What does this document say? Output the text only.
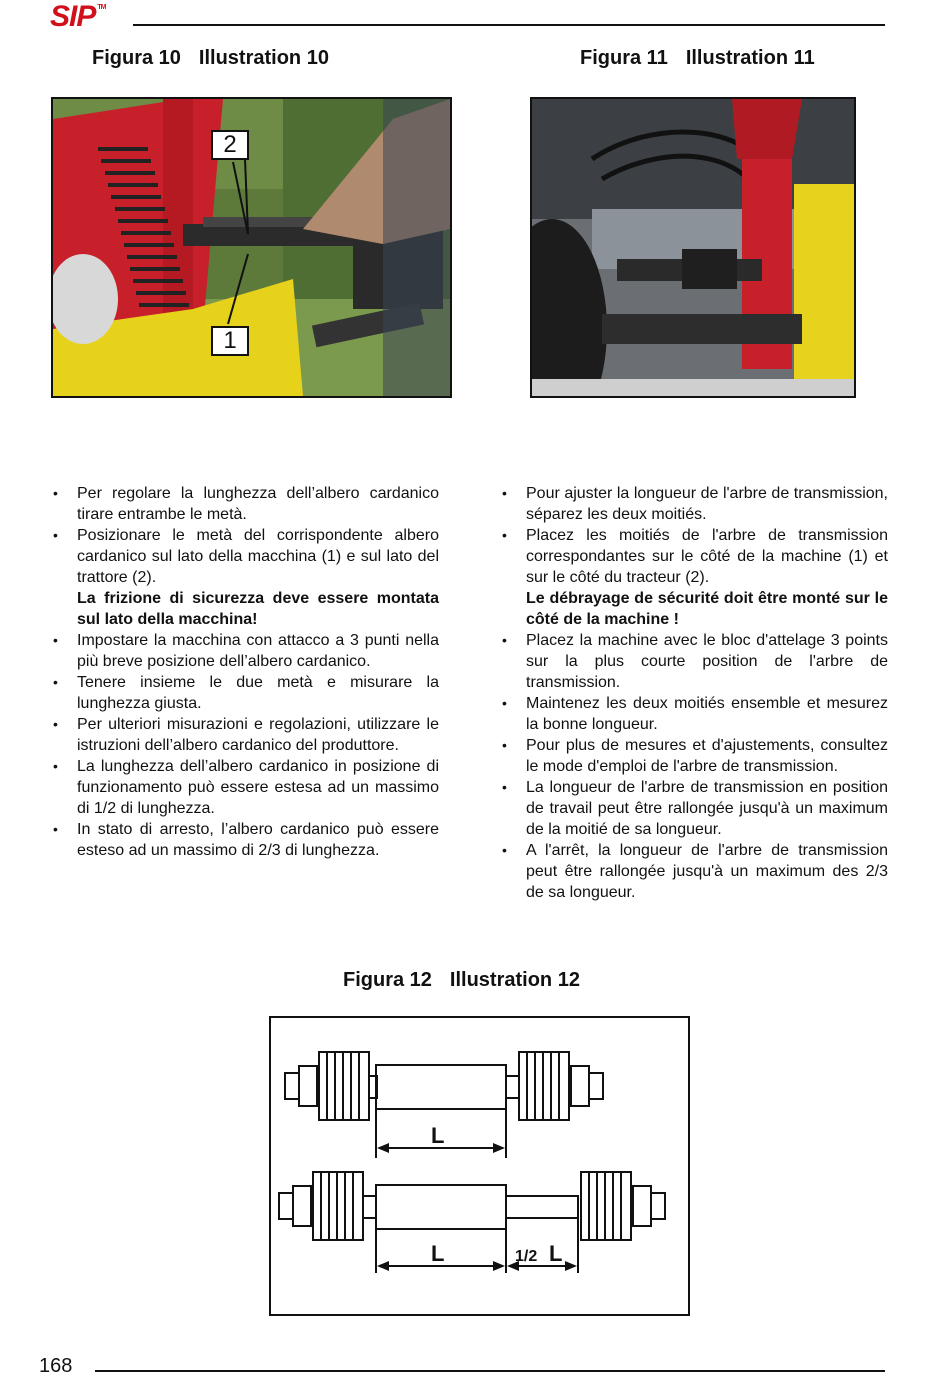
SIP ™
Figura 10 Illustration 10	Figura 11 Illustration 11
2
1
• Per regolare la lunghezza dell’albero cardanico tirare entrambe le metà.
• Posizionare le metà del corrispondente albero cardanico sul lato della macchina (1) e sul lato del trattore (2).
La frizione di sicurezza deve essere montata sul lato della macchina!
• Impostare la macchina con attacco a 3 punti nella più breve posizione dell’albero cardanico.
• Tenere insieme le due metà e misurare la lunghezza giusta.
• Per ulteriori misurazioni e regolazioni, utilizzare le istruzioni dell’albero cardanico del produttore.
• La lunghezza dell’albero cardanico in posizione di funzionamento può essere estesa ad un massimo di 1/2 di lunghezza.
• In stato di arresto, l’albero cardanico può essere esteso ad un massimo di 2/3 di lunghezza.
• Pour ajuster la longueur de l'arbre de transmission, séparez les deux moitiés.
• Placez les moitiés de l'arbre de transmission correspondantes sur le côté de la machine (1) et sur le côté du tracteur (2).
Le débrayage de sécurité doit être monté sur le côté de la machine !
• Placez la machine avec le bloc d'attelage 3 points sur la plus courte position de l'arbre de transmission.
• Maintenez les deux moitiés ensemble et mesurez la bonne longueur.
• Pour plus de mesures et d'ajustements, consultez le mode d'emploi de l'arbre de transmission.
• La longueur de l'arbre de transmission en position de travail peut être rallongée jusqu'à un maximum de la moitié de sa longueur.
• A l'arrêt, la longueur de l'arbre de transmission peut être rallongée jusqu'à un maximum des 2/3 de sa longueur.
Figura 12 Illustration 12
L
L	1/2 L
168
